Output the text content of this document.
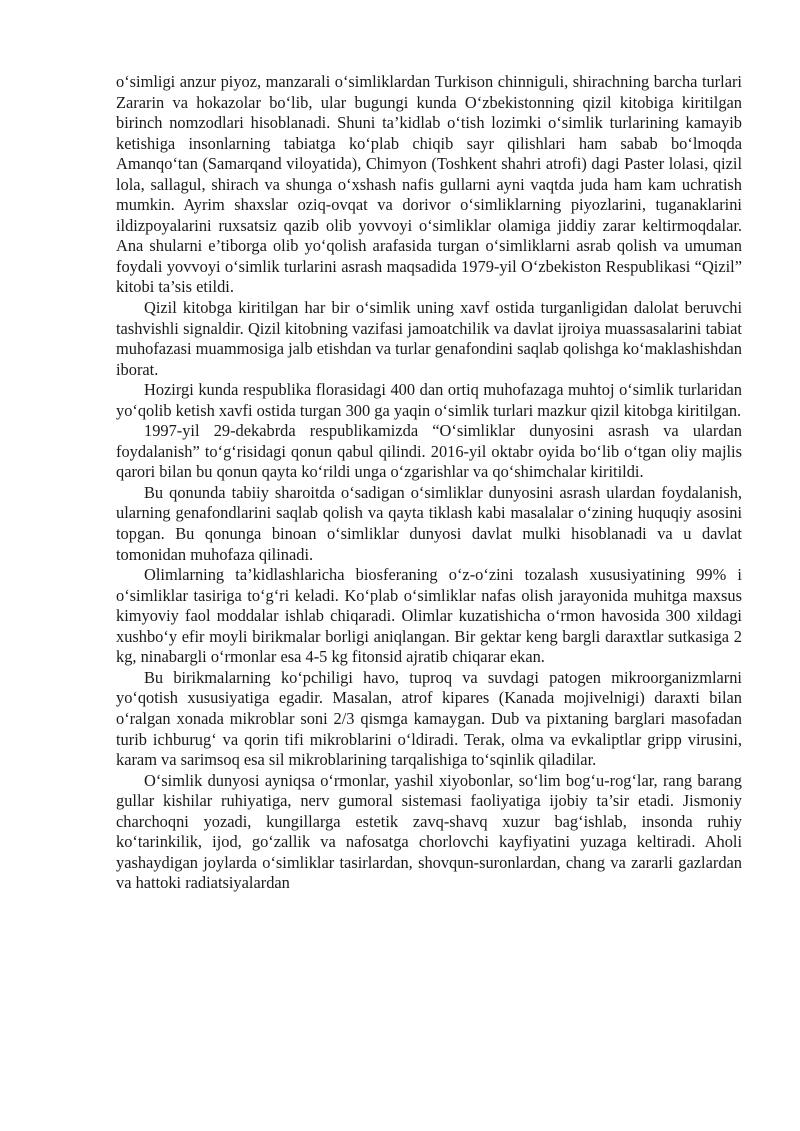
o‘simligi anzur piyoz, manzarali o‘simliklardan Turkison chinniguli, shirachning barcha turlari Zararin va hokazolar bo‘lib, ular bugungi kunda O‘zbekistonning qizil kitobiga kiritilgan birinch nomzodlari hisoblanadi. Shuni ta’kidlab o‘tish lozimki o‘simlik turlarining kamayib ketishiga insonlarning tabiatga ko‘plab chiqib sayr qilishlari ham sabab bo‘lmoqda Amanqo‘tan (Samarqand viloyatida), Chimyon (Toshkent shahri atrofi) dagi Paster lolasi, qizil lola, sallagul, shirach va shunga o‘xshash nafis gullarni ayni vaqtda juda ham kam uchratish mumkin. Ayrim shaxslar oziq-ovqat va dorivor o‘simliklarning piyozlarini, tuganaklarini ildizpoyalarini ruxsatsiz qazib olib yovvoyi o‘simliklar olamiga jiddiy zarar keltirmoqdalar. Ana shularni e’tiborga olib yo‘qolish arafasida turgan o‘simliklarni asrab qolish va umuman foydali yovvoyi o‘simlik turlarini asrash maqsadida 1979-yil O‘zbekiston Respublikasi “Qizil” kitobi ta’sis etildi.

Qizil kitobga kiritilgan har bir o‘simlik uning xavf ostida turganligidan dalolat beruvchi tashvishli signaldir. Qizil kitobning vazifasi jamoatchilik va davlat ijroiya muassasalarini tabiat muhofazasi muammosiga jalb etishdan va turlar genafondini saqlab qolishga ko‘maklashishdan iborat.

Hozirgi kunda respublika florasidagi 400 dan ortiq muhofazaga muhtoj o‘simlik turlaridan yo‘qolib ketish xavfi ostida turgan 300 ga yaqin o‘simlik turlari mazkur qizil kitobga kiritilgan.

1997-yil 29-dekabrda respublikamizda “O‘simliklar dunyosini asrash va ulardan foydalanish” to‘g‘risidagi qonun qabul qilindi. 2016-yil oktabr oyida bo‘lib o‘tgan oliy majlis qarori bilan bu qonun qayta ko‘rildi unga o‘zgarishlar va qo‘shimchalar kiritildi.

Bu qonunda tabiiy sharoitda o‘sadigan o‘simliklar dunyosini asrash ulardan foydalanish, ularning genafondlarini saqlab qolish va qayta tiklash kabi masalalar o‘zining huquqiy asosini topgan. Bu qonunga binoan o‘simliklar dunyosi davlat mulki hisoblanadi va u davlat tomonidan muhofaza qilinadi.

Olimlarning ta’kidlashlaricha biosferaning o‘z-o‘zini tozalash xususiyatining 99% i o‘simliklar tasiriga to‘g‘ri keladi. Ko‘plab o‘simliklar nafas olish jarayonida muhitga maxsus kimyoviy faol moddalar ishlab chiqaradi. Olimlar kuzatishicha o‘rmon havosida 300 xildagi xushbo‘y efir moyli birikmalar borligi aniqlangan. Bir gektar keng bargli daraxtlar sutkasiga 2 kg, ninabargli o‘rmonlar esa 4-5 kg fitonsid ajratib chiqarar ekan.

Bu birikmalarning ko‘pchiligi havo, tuproq va suvdagi patogen mikroorganizmlarni yo‘qotish xususiyatiga egadir. Masalan, atrof kipares (Kanada mojivelnigi) daraxti bilan o‘ralgan xonada mikroblar soni 2/3 qismga kamaygan. Dub va pixtaning barglari masofadan turib ichburug‘ va qorin tifi mikroblarini o‘ldiradi. Terak, olma va evkaliptlar gripp virusini, karam va sarimsoq esa sil mikroblarining tarqalishiga to‘sqinlik qiladilar.

O‘simlik dunyosi ayniqsa o‘rmonlar, yashil xiyobonlar, so‘lim bog‘u-rog‘lar, rang barang gullar kishilar ruhiyatiga, nerv gumoral sistemasi faoliyatiga ijobiy ta’sir etadi. Jismoniy charchoqni yozadi, kungillarga estetik zavq-shavq xuzur bag‘ishlab, insonda ruhiy ko‘tarinkilik, ijod, go‘zallik va nafosatga chorlovchi kayfiyatini yuzaga keltiradi. Aholi yashaydigan joylarda o‘simliklar tasirlardan, shovqun-suronlardan, chang va zararli gazlardan va hattoki radiatsiyalardan
